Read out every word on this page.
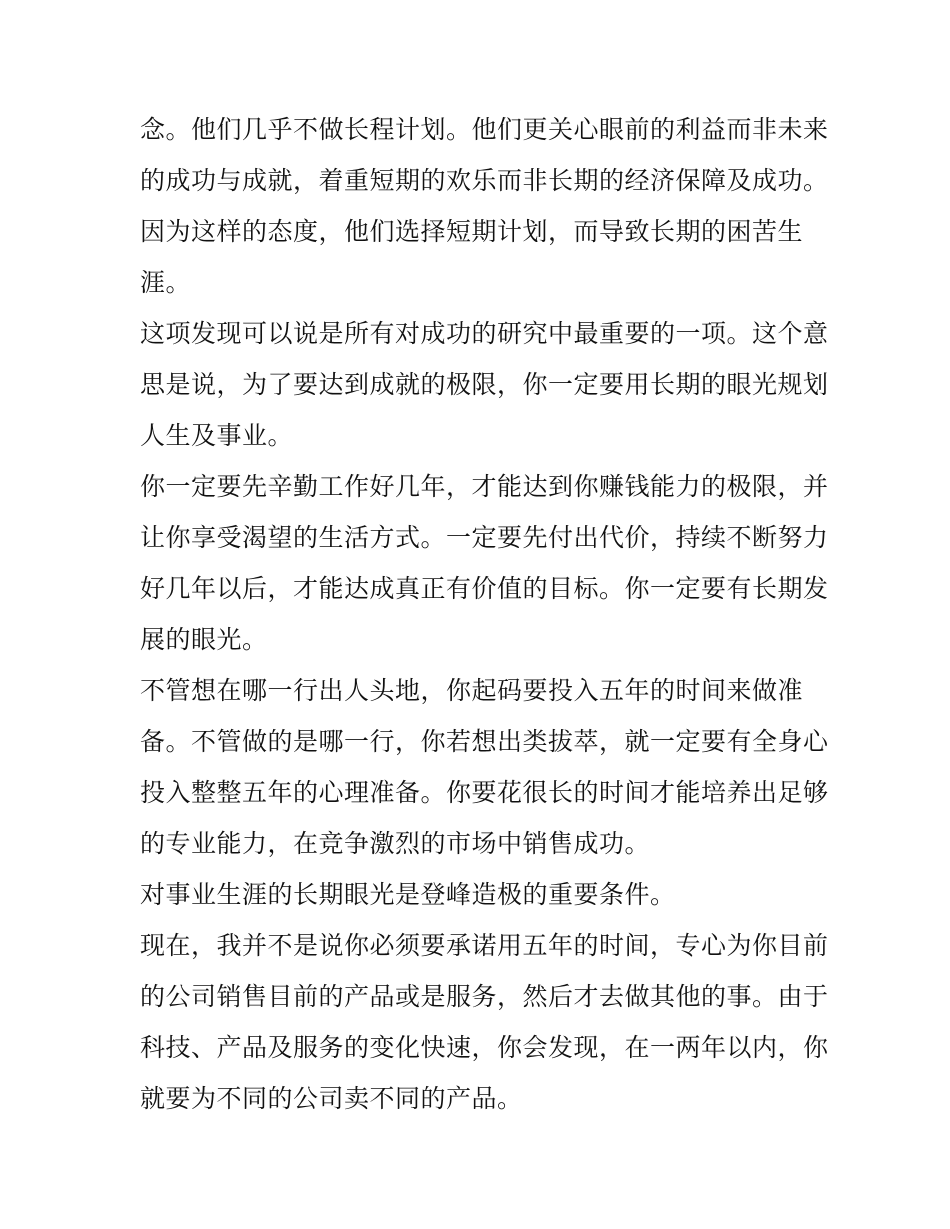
念。他们几乎不做长程计划。他们更关心眼前的利益而非未来
的成功与成就，着重短期的欢乐而非长期的经济保障及成功。
因为这样的态度，他们选择短期计划，而导致长期的困苦生
涯。
这项发现可以说是所有对成功的研究中最重要的一项。这个意
思是说，为了要达到成就的极限，你一定要用长期的眼光规划
人生及事业。
你一定要先辛勤工作好几年，才能达到你赚钱能力的极限，并
让你享受渴望的生活方式。一定要先付出代价，持续不断努力
好几年以后，才能达成真正有价值的目标。你一定要有长期发
展的眼光。
不管想在哪一行出人头地，你起码要投入五年的时间来做准
备。不管做的是哪一行，你若想出类拔萃，就一定要有全身心
投入整整五年的心理准备。你要花很长的时间才能培养出足够
的专业能力，在竞争激烈的市场中销售成功。
对事业生涯的长期眼光是登峰造极的重要条件。
现在，我并不是说你必须要承诺用五年的时间，专心为你目前
的公司销售目前的产品或是服务，然后才去做其他的事。由于
科技、产品及服务的变化快速，你会发现，在一两年以内，你
就要为不同的公司卖不同的产品。
